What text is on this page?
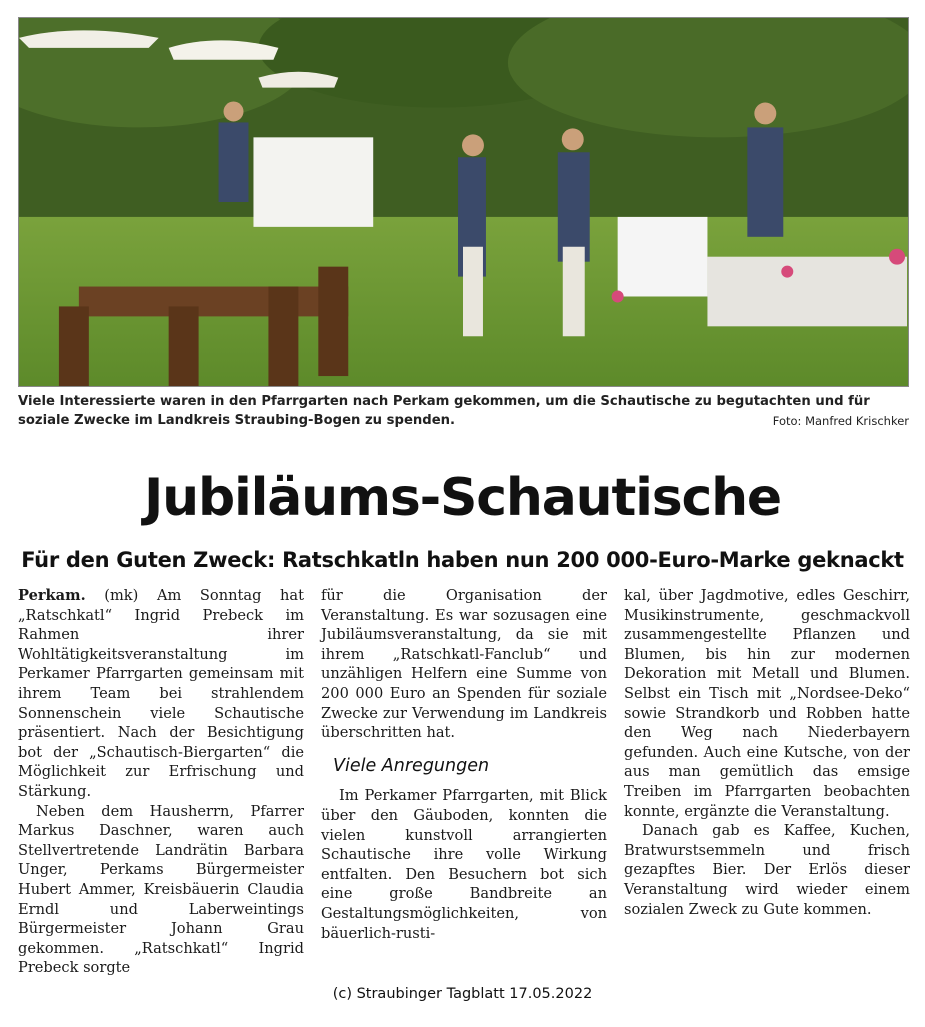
Viele Interessierte waren in den Pfarrgarten nach Perkam gekommen, um die Schautische zu begutachten und für soziale Zwecke im Landkreis Straubing-Bogen zu spenden.	Foto: Manfred Krischker
Jubiläums-Schautische
Für den Guten Zweck: Ratschkatln haben nun 200 000-Euro-Marke geknackt

Perkam. (mk) Am Sonntag hat „Ratschkatl“ Ingrid Prebeck im Rahmen ihrer Wohltätigkeitsveranstaltung im Perkamer Pfarrgarten gemeinsam mit ihrem Team bei strahlendem Sonnenschein viele Schautische präsentiert. Nach der Besichtigung bot der „Schautisch-Biergarten“ die Möglichkeit zur Erfrischung und Stärkung.

Neben dem Hausherrn, Pfarrer Markus Daschner, waren auch Stellvertretende Landrätin Barbara Unger, Perkams Bürgermeister Hubert Ammer, Kreisbäuerin Claudia Erndl und Laberweintings Bürgermeister Johann Grau gekommen. „Ratschkatl“ Ingrid Prebeck sorgte

für die Organisation der Veranstaltung. Es war sozusagen eine Jubiläumsveranstaltung, da sie mit ihrem „Ratschkatl-Fanclub“ und unzähligen Helfern eine Summe von 200 000 Euro an Spenden für soziale Zwecke zur Verwendung im Landkreis überschritten hat.

Viele Anregungen

Im Perkamer Pfarrgarten, mit Blick über den Gäuboden, konnten die vielen kunstvoll arrangierten Schautische ihre volle Wirkung entfalten. Den Besuchern bot sich eine große Bandbreite an Gestaltungsmöglichkeiten, von bäuerlich-rusti-

kal, über Jagdmotive, edles Geschirr, Musikinstrumente, geschmackvoll zusammengestellte Pflanzen und Blumen, bis hin zur modernen Dekoration mit Metall und Blumen. Selbst ein Tisch mit „Nordsee-Deko“ sowie Strandkorb und Robben hatte den Weg nach Niederbayern gefunden. Auch eine Kutsche, von der aus man gemütlich das emsige Treiben im Pfarrgarten beobachten konnte, ergänzte die Veranstaltung.

Danach gab es Kaffee, Kuchen, Bratwurstsemmeln und frisch gezapftes Bier. Der Erlös dieser Veranstaltung wird wieder einem sozialen Zweck zu Gute kommen.

(c) Straubinger Tagblatt 17.05.2022
